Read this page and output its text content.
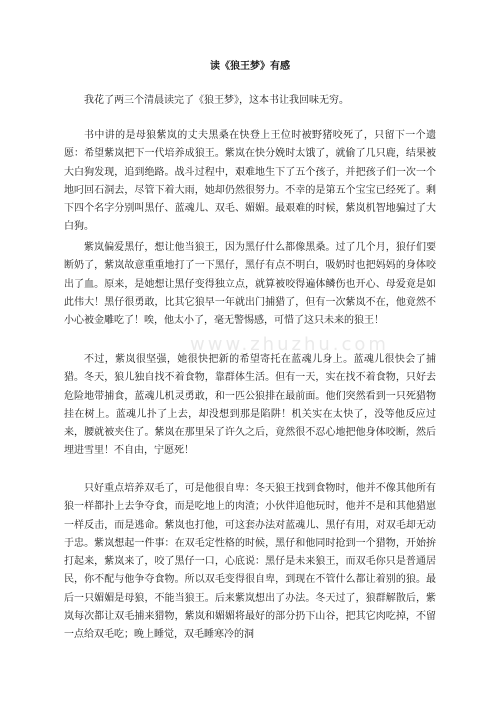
读《狼王梦》有感

我花了两三个清晨读完了《狼王梦》，这本书让我回味无穷。

书中讲的是母狼紫岚的丈夫黑桑在快登上王位时被野猪咬死了，只留下一个遗愿：希望紫岚把下一代培养成狼王。紫岚在快分娩时太饿了，就偷了几只鹿，结果被大白狗发现，追到绝路。战斗过程中，艰难地生下了五个孩子，并把孩子们一次一个地叼回石洞去，尽管下着大雨，她却仍然很努力。不幸的是第五个宝宝已经死了。剩下四个名字分别叫黑仔、蓝魂儿、双毛、媚媚。最艰难的时候，紫岚机智地骗过了大白狗。

紫岚偏爱黑仔，想让他当狼王，因为黑仔什么都像黑桑。过了几个月，狼仔们要断奶了，紫岚故意重重地打了一下黑仔，黑仔有点不明白，吸奶时也把妈妈的身体咬出了血。原来，是她想让黑仔变得独立点，就算被咬得遍体鳞伤也开心、母爱竟是如此伟大！黑仔很勇敢，比其它狼早一年就出门捕猎了，但有一次紫岚不在，他竟然不小心被金雕吃了！唉，他太小了，毫无警惕感，可惜了这只未来的狼王！

不过，紫岚很坚强，她很快把新的希望寄托在蓝魂儿身上。蓝魂儿很快会了捕猎。冬天，狼儿独自找不着食物，靠群体生活。但有一天，实在找不着食物，只好去危险地带捕食，蓝魂儿机灵勇敢，和一匹公狼排在最前面。他们突然看到一只死猎物挂在树上。蓝魂儿扑了上去，却没想到那是陷阱！机关实在太快了，没等他反应过来，腰就被夹住了。紫岚在那里呆了许久之后，竟然很不忍心地把他身体咬断，然后埋进雪里！不自由，宁愿死！

只好重点培养双毛了，可是他很自卑：冬天狼王找到食物时，他并不像其他所有狼一样都扑上去争夺食，而是吃地上的肉渣；小伙伴追他玩时，他并不是和其他猎崽一样反击，而是逃命。紫岚也打他，可这套办法对蓝魂儿、黑仔有用，对双毛却无动于忠。紫岚想起一件事：在双毛定性格的时候，黑仔和他同时抢到一个猎物，开始拚打起来，紫岚来了，咬了黑仔一口，心底说：黑仔是未来狼王，而双毛你只是普通居民，你不配与他争夺食物。所以双毛变得很自卑，到现在不管什么都让着别的狼。最后一只媚媚是母狼，不能当狼王。后来紫岚想出了办法。冬天过了，狼群解散后，紫岚每次都让双毛捕来猎物，紫岚和媚媚将最好的部分扔下山谷，把其它肉吃掉，不留一点给双毛吃；晚上睡觉，双毛睡寒冷的洞

www.zhuzhu.com
